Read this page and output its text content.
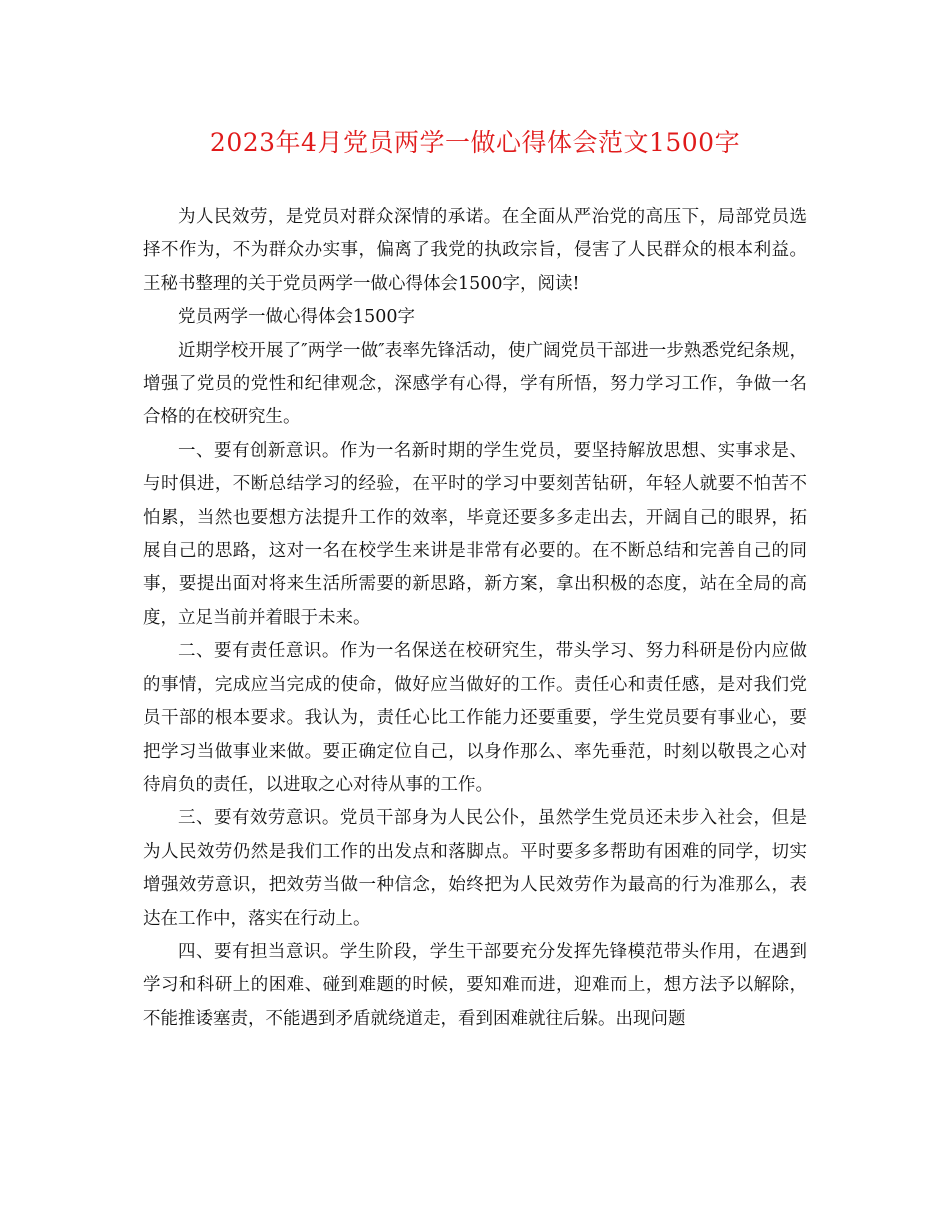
2023年4月党员两学一做心得体会范文1500字

为人民效劳，是党员对群众深情的承诺。在全面从严治党的高压下，局部党员选择不作为，不为群众办实事，偏离了我党的执政宗旨，侵害了人民群众的根本利益。王秘书整理的关于党员两学一做心得体会1500字，阅读!

党员两学一做心得体会1500字

近期学校开展了″两学一做″表率先锋活动，使广阔党员干部进一步熟悉党纪条规，增强了党员的党性和纪律观念，深感学有心得，学有所悟，努力学习工作，争做一名合格的在校研究生。

一、要有创新意识。作为一名新时期的学生党员，要坚持解放思想、实事求是、与时俱进，不断总结学习的经验，在平时的学习中要刻苦钻研，年轻人就要不怕苦不怕累，当然也要想方法提升工作的效率，毕竟还要多多走出去，开阔自己的眼界，拓展自己的思路，这对一名在校学生来讲是非常有必要的。在不断总结和完善自己的同事，要提出面对将来生活所需要的新思路，新方案，拿出积极的态度，站在全局的高度，立足当前并着眼于未来。

二、要有责任意识。作为一名保送在校研究生，带头学习、努力科研是份内应做的事情，完成应当完成的使命，做好应当做好的工作。责任心和责任感，是对我们党员干部的根本要求。我认为，责任心比工作能力还要重要，学生党员要有事业心，要把学习当做事业来做。要正确定位自己，以身作那么、率先垂范，时刻以敬畏之心对待肩负的责任，以进取之心对待从事的工作。

三、要有效劳意识。党员干部身为人民公仆，虽然学生党员还未步入社会，但是为人民效劳仍然是我们工作的出发点和落脚点。平时要多多帮助有困难的同学，切实增强效劳意识，把效劳当做一种信念，始终把为人民效劳作为最高的行为准那么，表达在工作中，落实在行动上。

四、要有担当意识。学生阶段，学生干部要充分发挥先锋模范带头作用，在遇到学习和科研上的困难、碰到难题的时候，要知难而进，迎难而上，想方法予以解除，不能推诿塞责，不能遇到矛盾就绕道走，看到困难就往后躲。出现问题
